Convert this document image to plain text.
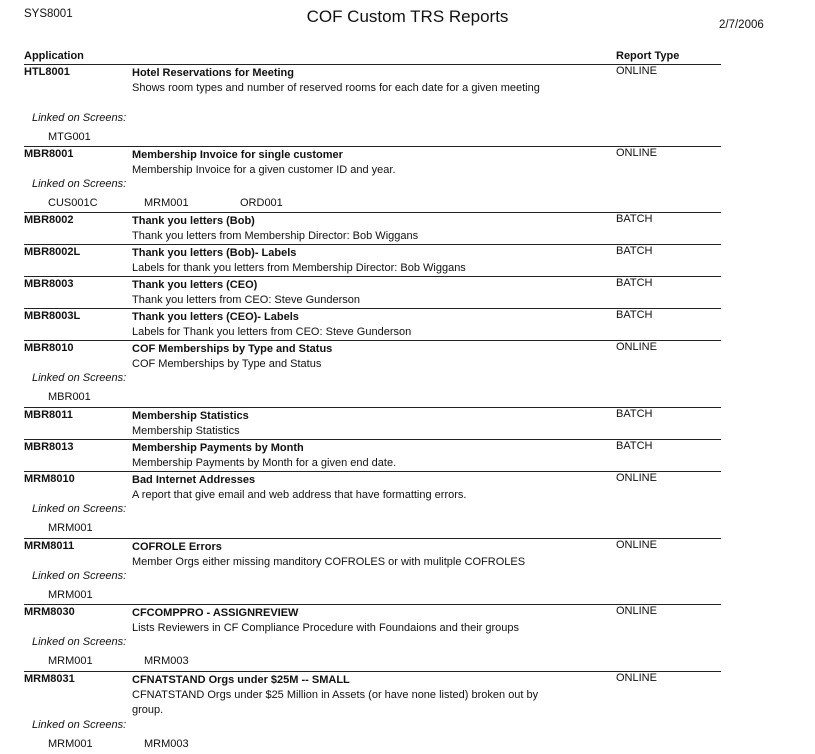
SYS8001	COF Custom TRS Reports	2/7/2006
Application	Report Type
HTL8001	Hotel Reservations for Meeting
Shows room types and number of reserved rooms for each date for a given meeting
ONLINE
Linked on Screens:
MTG001
MBR8001	Membership Invoice for single customer
Membership Invoice for a given customer ID and year.
ONLINE
Linked on Screens:
CUS001C	MRM001	ORD001
MBR8002	Thank you letters (Bob)
Thank you letters from Membership Director: Bob Wiggans
BATCH
MBR8002L	Thank you letters (Bob)- Labels
Labels for thank you letters from Membership Director: Bob Wiggans
BATCH
MBR8003	Thank you letters (CEO)
Thank you letters from CEO: Steve Gunderson
BATCH
MBR8003L	Thank you letters (CEO)- Labels
Labels for Thank you letters from CEO: Steve Gunderson
BATCH
MBR8010	COF Memberships by Type and Status
COF Memberships by Type and Status
ONLINE
Linked on Screens:
MBR001
MBR8011	Membership Statistics
Membership Statistics
BATCH
MBR8013	Membership Payments by Month
Membership Payments by Month for a given end date.
BATCH
MRM8010	Bad Internet Addresses
A report that give email and web address that have formatting errors.
ONLINE
Linked on Screens:
MRM001
MRM8011	COFROLE Errors
Member Orgs either missing manditory COFROLES or with mulitple COFROLES
ONLINE
Linked on Screens:
MRM001
MRM8030	CFCOMPPRO - ASSIGNREVIEW
Lists Reviewers in CF Compliance Procedure with Foundaions and their groups
ONLINE
Linked on Screens:
MRM001	MRM003
MRM8031	CFNATSTAND Orgs under $25M -- SMALL
CFNATSTAND Orgs under $25 Million in Assets (or have none listed) broken out by group.
ONLINE
Linked on Screens:
MRM001	MRM003
